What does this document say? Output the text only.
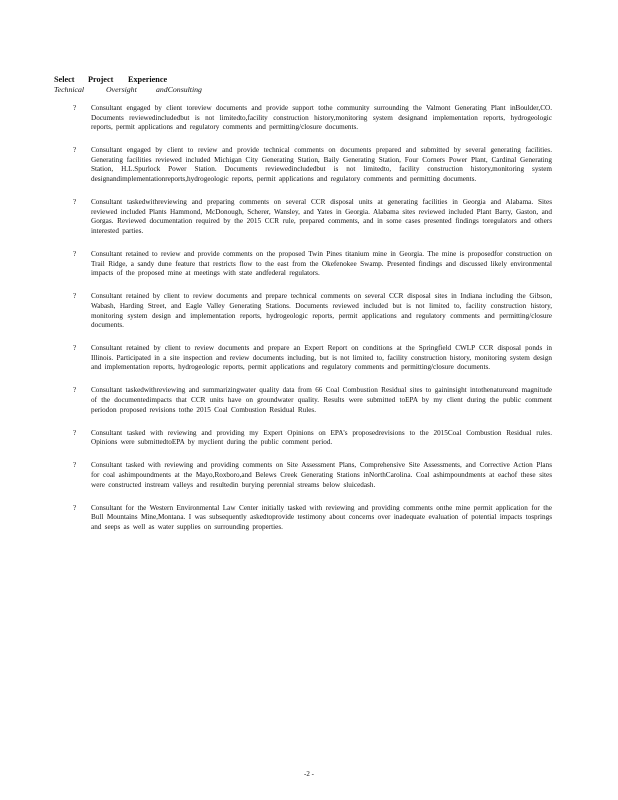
Select Project Experience
Technical	Oversight andConsulting
? Consultant engaged by client toreview documents and provide support tothe community surrounding the Valmont Generating Plant inBoulder,CO. Documents reviewedincludedbut is not limitedto,facility construction history,monitoring system designand implementation reports, hydrogeologic reports, permit applications and regulatory comments and permitting/closure documents.
? Consultant engaged by client to review and provide technical comments on documents prepared and submitted by several generating facilities. Generating facilities reviewed included Michigan City Generating Station, Baily Generating Station, Four Corners Power Plant, Cardinal Generating Station, H.L.Spurlock Power Station. Documents reviewedincludedbut is not limitedto, facility construction history,monitoring system designandimplementationreports,hydrogeologic reports, permit applications and regulatory comments and permitting documents.
? Consultant taskedwithreviewing and preparing comments on several CCR disposal units at generating facilities in Georgia and Alabama. Sites reviewed included Plants Hammond, McDonough, Scherer, Wansley, and Yates in Georgia. Alabama sites reviewed included Plant Barry, Gaston, and Gorgas. Reviewed documentation required by the 2015 CCR rule, prepared comments, and in some cases presented findings toregulators and others interested parties.
? Consultant retained to review and provide comments on the proposed Twin Pines titanium mine in Georgia. The mine is proposedfor construction on Trail Ridge, a sandy dune feature that restricts flow to the east from the Okefenokee Swamp. Presented findings and discussed likely environmental impacts of the proposed mine at meetings with state andfederal regulators.
? Consultant retained by client to review documents and prepare technical comments on several CCR disposal sites in Indiana including the Gibson, Wabash, Harding Street, and Eagle Valley Generating Stations. Documents reviewed included but is not limited to, facility construction history, monitoring system design and implementation reports, hydrogeologic reports, permit applications and regulatory comments and permitting/closure documents.
? Consultant retained by client to review documents and prepare an Expert Report on conditions at the Springfield CWLP CCR disposal ponds in Illinois. Participated in a site inspection and review documents including, but is not limited to, facility construction history, monitoring system design and implementation reports, hydrogeologic reports, permit applications and regulatory comments and permitting/closure documents.
? Consultant taskedwithreviewing and summarizingwater quality data from 66 Coal Combustion Residual sites to gaininsight intothenatureand magnitude of the documentedimpacts that CCR units have on groundwater quality. Results were submitted toEPA by my client during the public comment periodon proposed revisions tothe 2015 Coal Combustion Residual Rules.
? Consultant tasked with reviewing and providing my Expert Opinions on EPA's proposedrevisions to the 2015Coal Combustion Residual rules. Opinions were submittedtoEPA by myclient during the public comment period.
? Consultant tasked with reviewing and providing comments on Site Assessment Plans, Comprehensive Site Assessments, and Corrective Action Plans for coal ashimpoundments at the Mayo,Roxboro,and Belews Creek Generating Stations inNorthCarolina. Coal ashimpoundments at eachof these sites were constructed instream valleys and resultedin burying perennial streams below sluicedash.
? Consultant for the Western Environmental Law Center initially tasked with reviewing and providing comments onthe mine permit application for the Bull Mountains Mine,Montana. I was subsequently askedtoprovide testimony about concerns over inadequate evaluation of potential impacts tosprings and seeps as well as water supplies on surrounding properties.
-2 -
